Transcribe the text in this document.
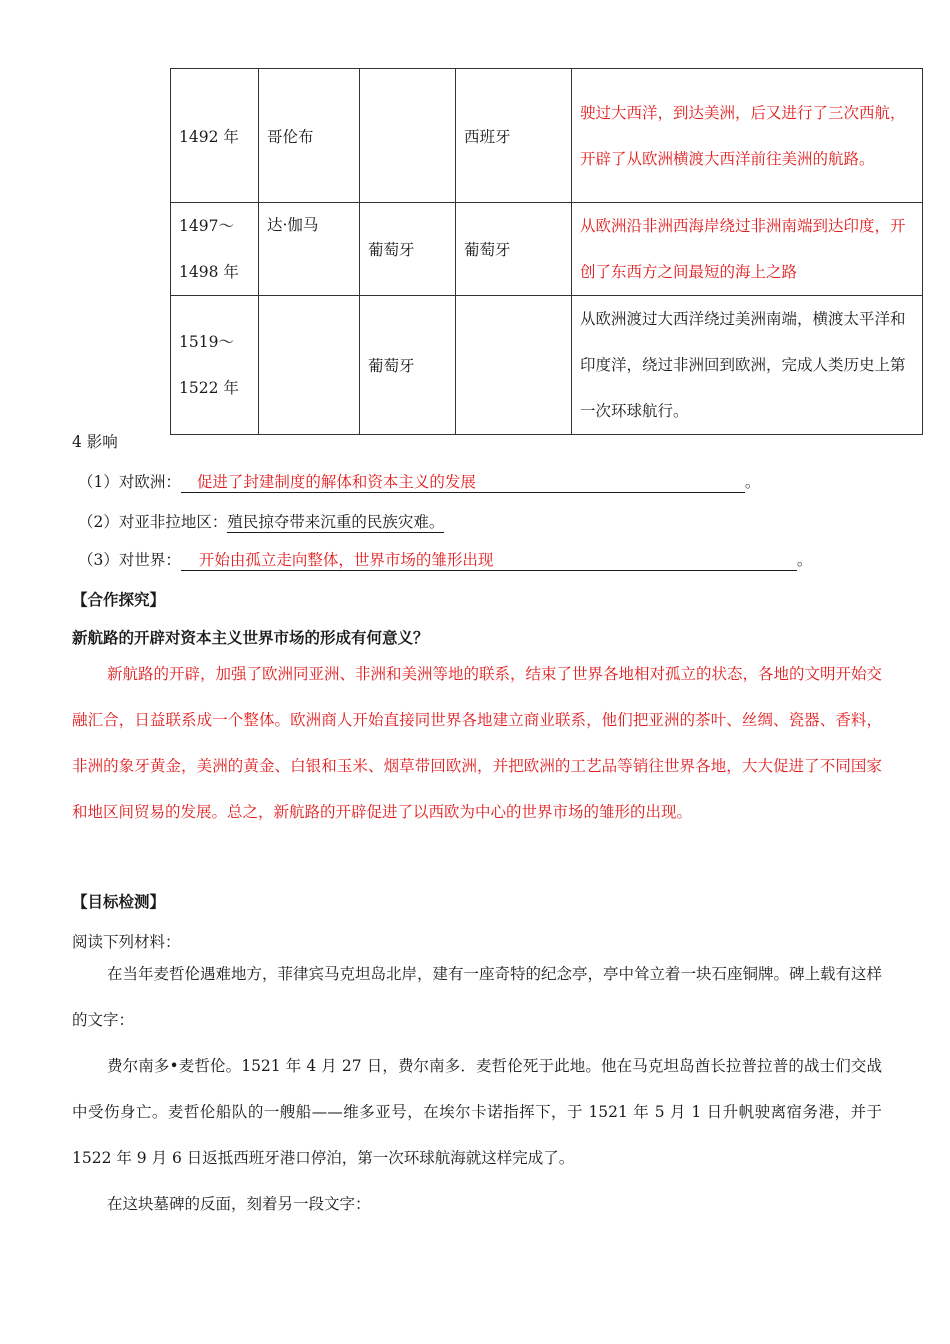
1492 年	哥伦布		西班牙	驶过大西洋，到达美洲，后又进行了三次西航，开辟了从欧洲横渡大西洋前往美洲的航路。
1497～1498 年	达·伽马	葡萄牙	葡萄牙	从欧洲沿非洲西海岸绕过非洲南端到达印度，开创了东西方之间最短的海上之路
1519～1522 年		葡萄牙		从欧洲渡过大西洋绕过美洲南端，横渡太平洋和印度洋，绕过非洲回到欧洲，完成人类历史上第一次环球航行。
4 影响
（1）对欧洲： 促进了封建制度的解体和资本主义的发展	。
（2）对亚非拉地区：殖民掠夺带来沉重的民族灾难。
（3）对世界： 开始由孤立走向整体，世界市场的雏形出现	。
【合作探究】
新航路的开辟对资本主义世界市场的形成有何意义？

新航路的开辟，加强了欧洲同亚洲、非洲和美洲等地的联系，结束了世界各地相对孤立的状态，各地的文明开始交融汇合，日益联系成一个整体。欧洲商人开始直接同世界各地建立商业联系，他们把亚洲的茶叶、丝绸、瓷器、香料，非洲的象牙黄金，美洲的黄金、白银和玉米、烟草带回欧洲，并把欧洲的工艺品等销往世界各地，大大促进了不同国家和地区间贸易的发展。总之，新航路的开辟促进了以西欧为中心的世界市场的雏形的出现。

【目标检测】
阅读下列材料：

在当年麦哲伦遇难地方，菲律宾马克坦岛北岸，建有一座奇特的纪念亭，亭中耸立着一块石座铜牌。碑上载有这样的文字：

费尔南多•麦哲伦。1521 年 4 月 27 日，费尔南多．麦哲伦死于此地。他在马克坦岛酋长拉普拉普的战士们交战中受伤身亡。麦哲伦船队的一艘船——维多亚号，在埃尔卡诺指挥下，于 1521 年 5 月 1 日升帆驶离宿务港，并于 1522 年 9 月 6 日返抵西班牙港口停泊，第一次环球航海就这样完成了。

在这块墓碑的反面，刻着另一段文字：
